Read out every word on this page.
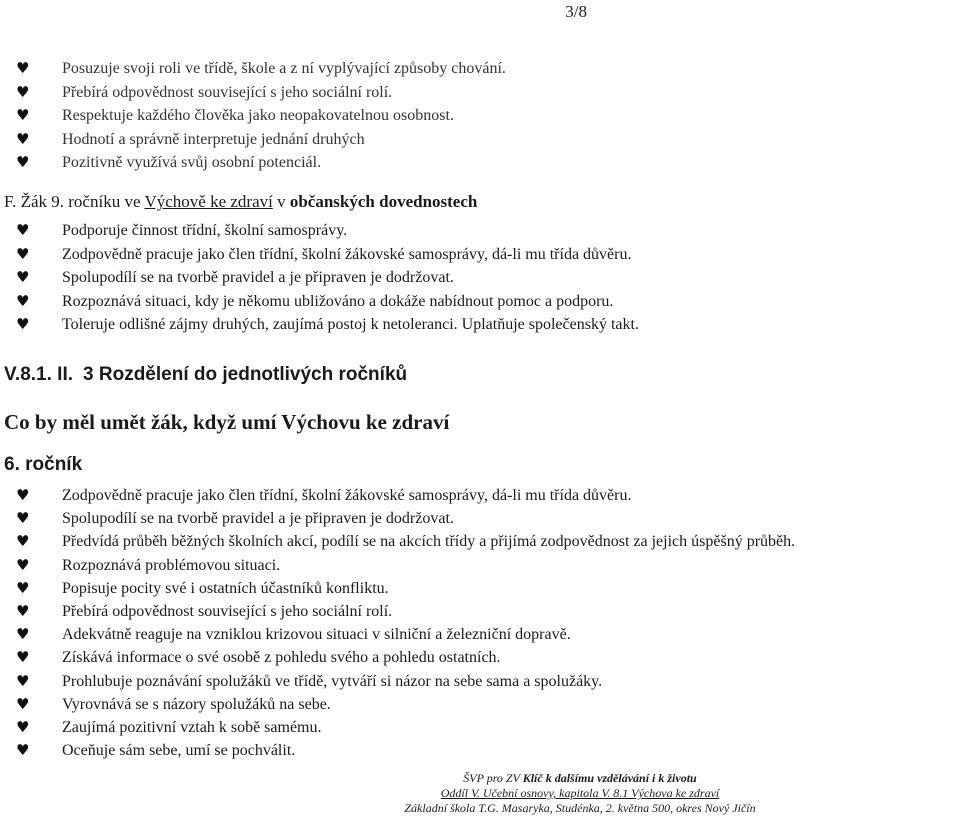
3/8
♥	Posuzuje svoji roli ve třídě, škole a z ní vyplývající způsoby chování.
♥	Přebírá odpovědnost související s jeho sociální rolí.
♥	Respektuje každého člověka jako neopakovatelnou osobnost.
♥	Hodnotí a správně interpretuje jednání druhých
♥	Pozitivně využívá svůj osobní potenciál.
F. Žák 9. ročníku ve Výchově ke zdraví v občanských dovednostech
♥	Podporuje činnost třídní, školní samosprávy.
♥	Zodpovědně pracuje jako člen třídní, školní žákovské samosprávy, dá-li mu třída důvěru.
♥	Spolupodílí se na tvorbě pravidel a je připraven je dodržovat.
♥	Rozpoznává situaci, kdy je někomu ubližováno a dokáže nabídnout pomoc a podporu.
♥	Toleruje odlišné zájmy druhých, zaujímá postoj k netoleranci. Uplatňuje společenský takt.
V.8.1. II. 3 Rozdělení do jednotlivých ročníků
Co by měl umět žák, když umí Výchovu ke zdraví
6. ročník
♥	Zodpovědně pracuje jako člen třídní, školní žákovské samosprávy, dá-li mu třída důvěru.
♥	Spolupodílí se na tvorbě pravidel a je připraven je dodržovat.
♥	Předvídá průběh běžných školních akcí, podílí se na akcích třídy a přijímá zodpovědnost za jejich úspěšný průběh.
♥	Rozpoznává problémovou situaci.
♥	Popisuje pocity své i ostatních účastníků konfliktu.
♥	Přebírá odpovědnost související s jeho sociální rolí.
♥	Adekvátně reaguje na vzniklou krizovou situaci v silniční a železniční dopravě.
♥	Získává informace o své osobě z pohledu svého a pohledu ostatních.
♥	Prohlubuje poznávání spolužáků ve třídě, vytváří si názor na sebe sama a spolužáky.
♥	Vyrovnává se s názory spolužáků na sebe.
♥	Zaujímá pozitivní vztah k sobě samému.
♥	Oceňuje sám sebe, umí se pochválit.
ŠVP pro ZV Klíč k dalšímu vzdělávání i k životu
Oddíl V. Učební osnovy, kapitola V. 8.1 Výchova ke zdraví
Základní škola T.G. Masaryka, Studénka, 2. května 500, okres Nový Jičín
